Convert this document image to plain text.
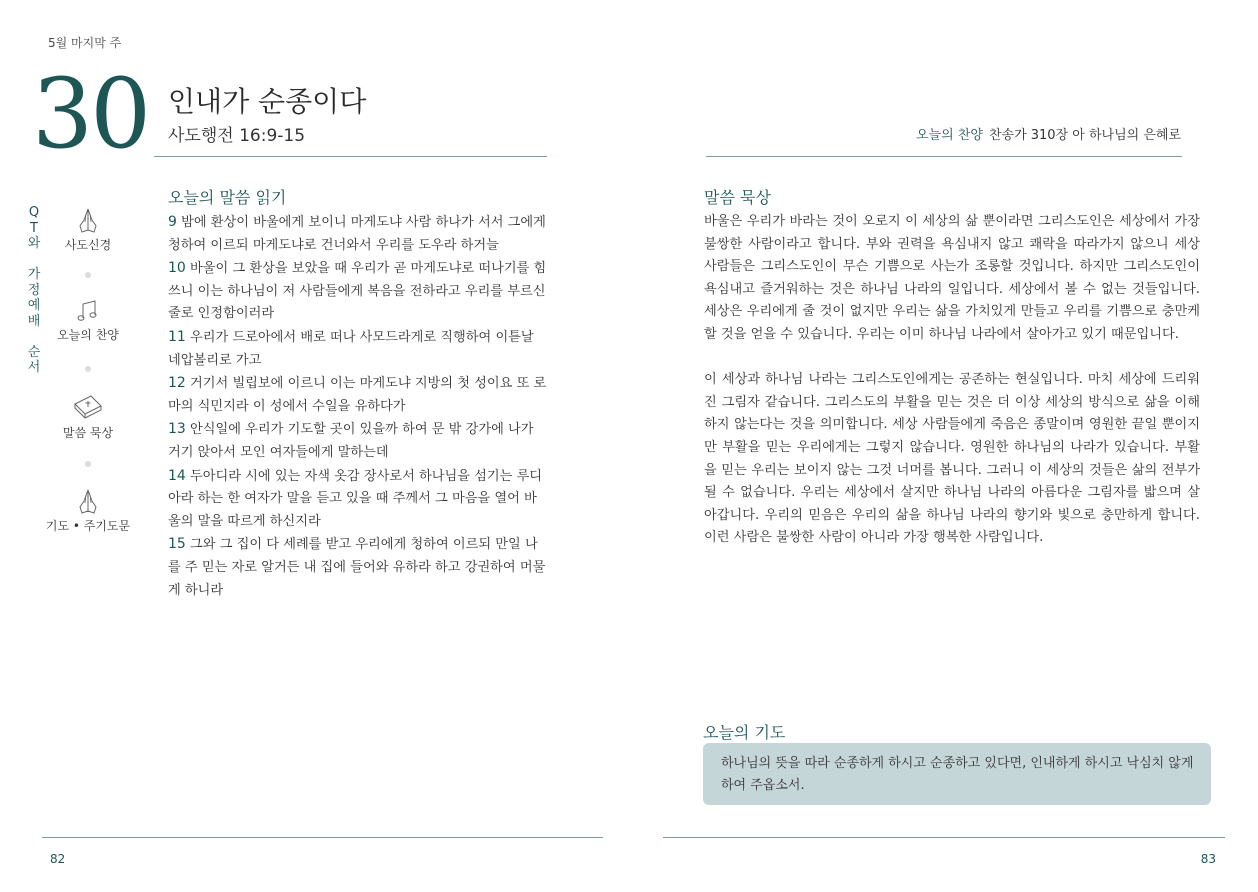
5월 마지막 주
30 인내가 순종이다
사도행전 16:9-15
Q
T
와

가
정
예
배

순
서
사도신경
오늘의 찬양
말씀 묵상
기도 • 주기도문
오늘의 말씀 읽기
9 밤에 환상이 바울에게 보이니 마게도냐 사람 하나가 서서 그에게 청하여 이르되 마게도냐로 건너와서 우리를 도우라 하거늘
10 바울이 그 환상을 보았을 때 우리가 곧 마게도냐로 떠나기를 힘쓰니 이는 하나님이 저 사람들에게 복음을 전하라고 우리를 부르신 줄로 인정함이러라
11 우리가 드로아에서 배로 떠나 사모드라게로 직행하여 이튿날 네압볼리로 가고
12 거기서 빌립보에 이르니 이는 마게도냐 지방의 첫 성이요 또 로마의 식민지라 이 성에서 수일을 유하다가
13 안식일에 우리가 기도할 곳이 있을까 하여 문 밖 강가에 나가 거기 앉아서 모인 여자들에게 말하는데
14 두아디라 시에 있는 자색 옷감 장사로서 하나님을 섬기는 루디아라 하는 한 여자가 말을 듣고 있을 때 주께서 그 마음을 열어 바울의 말을 따르게 하신지라
15 그와 그 집이 다 세례를 받고 우리에게 청하여 이르되 만일 나를 주 믿는 자로 알거든 내 집에 들어와 유하라 하고 강권하여 머물게 하니라
82
오늘의 찬양 찬송가 310장 아 하나님의 은혜로
말씀 묵상

바울은 우리가 바라는 것이 오로지 이 세상의 삶 뿐이라면 그리스도인은 세상에서 가장 불쌍한 사람이라고 합니다. 부와 권력을 욕심내지 않고 쾌락을 따라가지 않으니 세상 사람들은 그리스도인이 무슨 기쁨으로 사는가 조롱할 것입니다. 하지만 그리스도인이 욕심내고 즐거워하는 것은 하나님 나라의 일입니다. 세상에서 볼 수 없는 것들입니다. 세상은 우리에게 줄 것이 없지만 우리는 삶을 가치있게 만들고 우리를 기쁨으로 충만케 할 것을 얻을 수 있습니다. 우리는 이미 하나님 나라에서 살아가고 있기 때문입니다.

이 세상과 하나님 나라는 그리스도인에게는 공존하는 현실입니다. 마치 세상에 드리워진 그림자 같습니다. 그리스도의 부활을 믿는 것은 더 이상 세상의 방식으로 삶을 이해하지 않는다는 것을 의미합니다. 세상 사람들에게 죽음은 종말이며 영원한 끝일 뿐이지만 부활을 믿는 우리에게는 그렇지 않습니다. 영원한 하나님의 나라가 있습니다. 부활을 믿는 우리는 보이지 않는 그것 너머를 봅니다. 그러니 이 세상의 것들은 삶의 전부가 될 수 없습니다. 우리는 세상에서 살지만 하나님 나라의 아름다운 그림자를 밟으며 살아갑니다. 우리의 믿음은 우리의 삶을 하나님 나라의 향기와 빛으로 충만하게 합니다. 이런 사람은 불쌍한 사람이 아니라 가장 행복한 사람입니다.

오늘의 기도
하나님의 뜻을 따라 순종하게 하시고 순종하고 있다면, 인내하게 하시고 낙심치 않게 하여 주옵소서.
83
